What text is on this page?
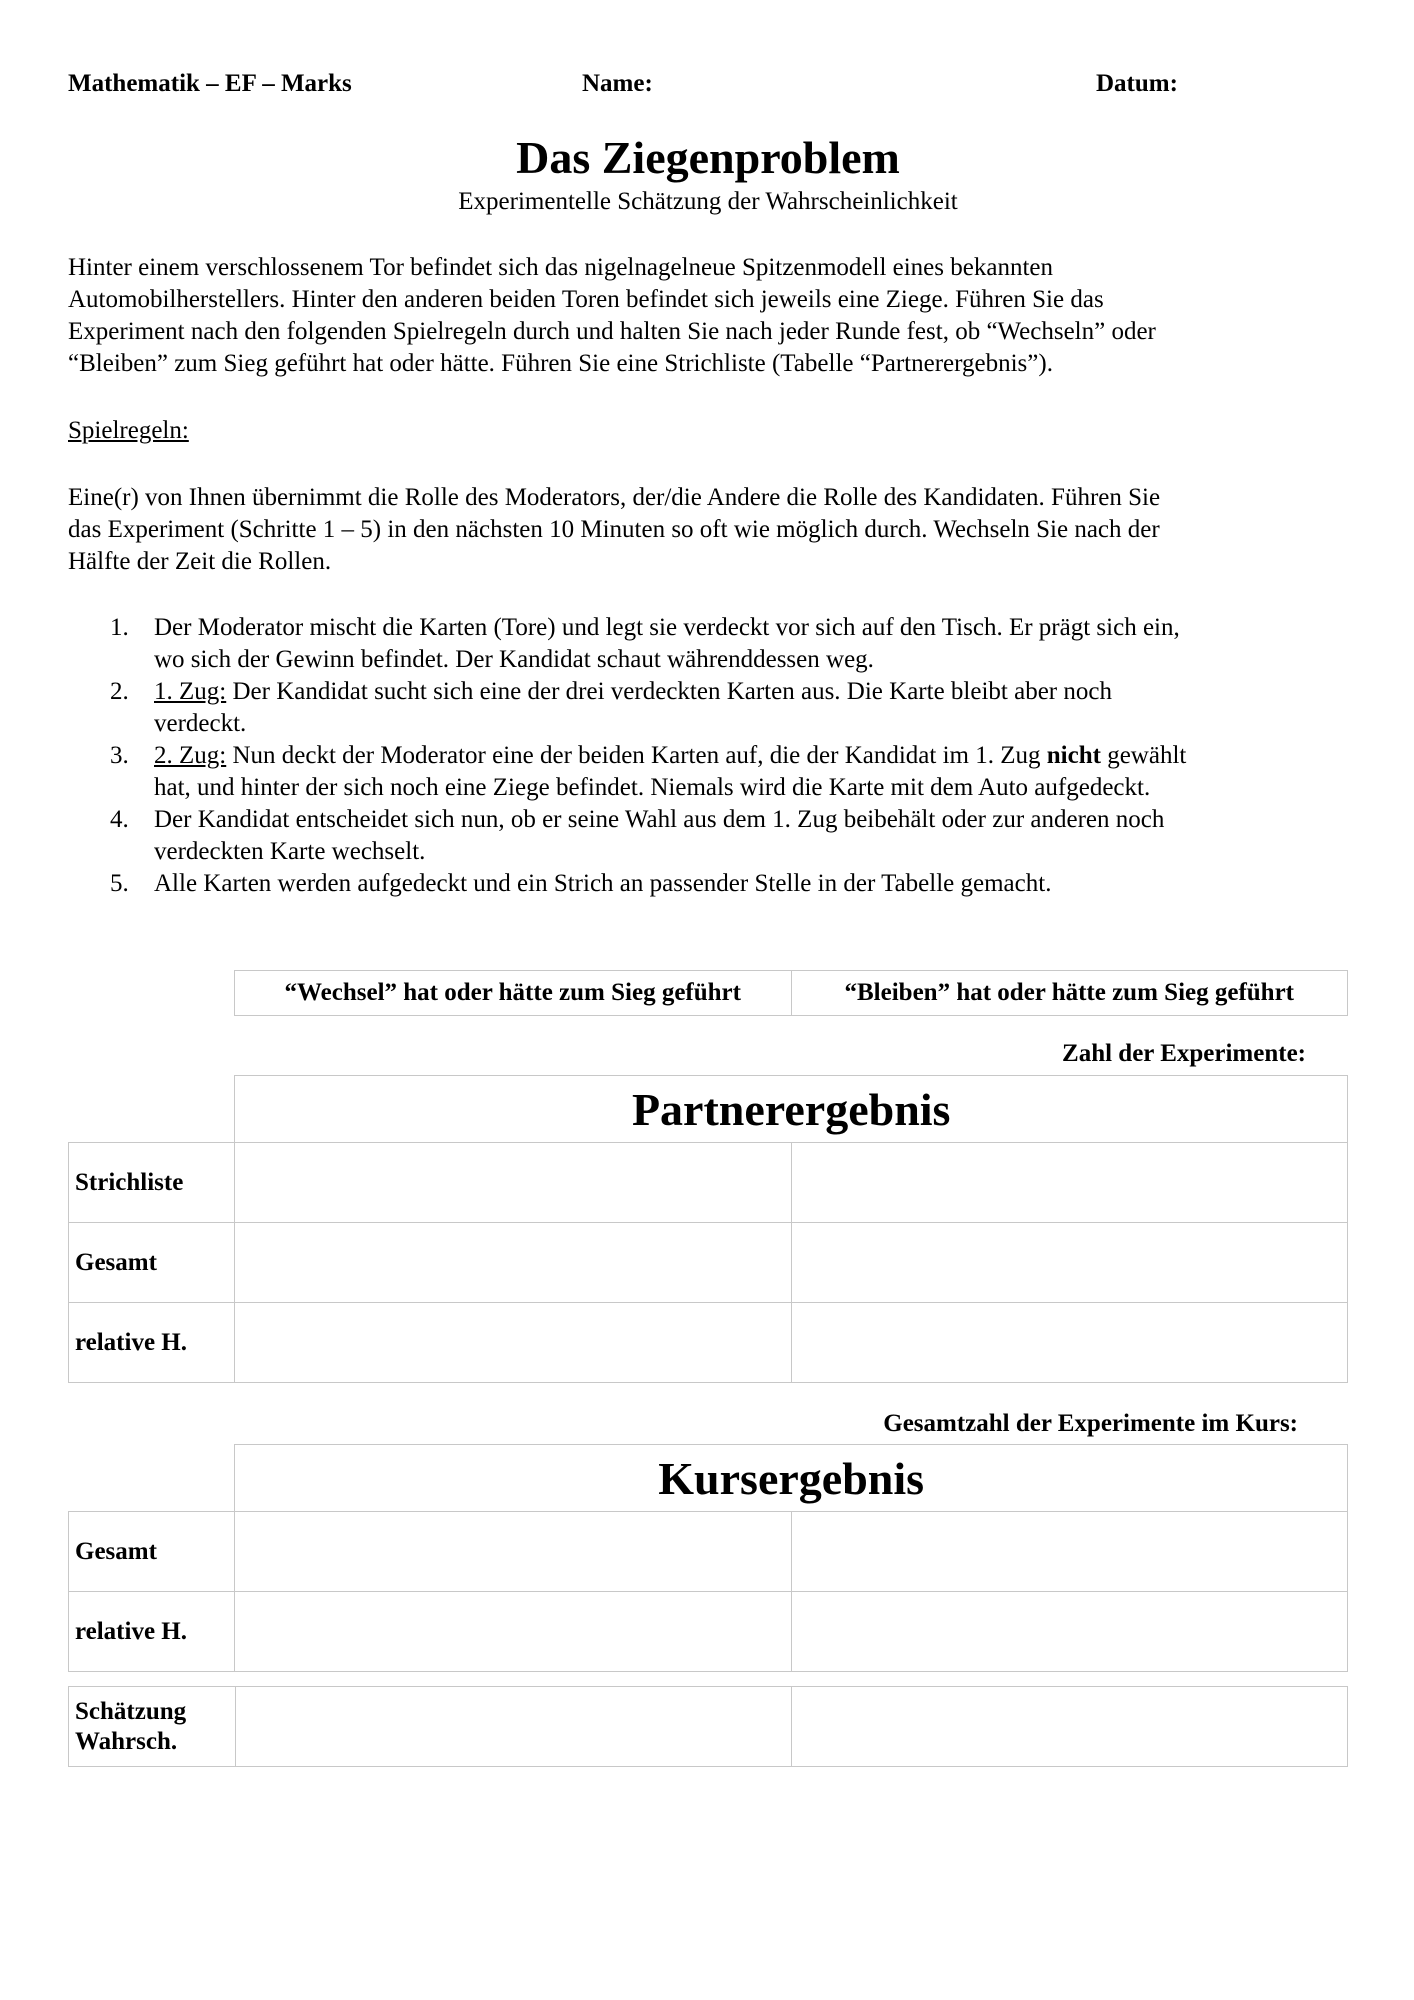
Mathematik – EF – Marks	Name:	Datum:
Das Ziegenproblem
Experimentelle Schätzung der Wahrscheinlichkeit
Hinter einem verschlossenem Tor befindet sich das nigelnagelneue Spitzenmodell eines bekannten
Automobilherstellers. Hinter den anderen beiden Toren befindet sich jeweils eine Ziege. Führen Sie das
Experiment nach den folgenden Spielregeln durch und halten Sie nach jeder Runde fest, ob “Wechseln” oder
“Bleiben” zum Sieg geführt hat oder hätte. Führen Sie eine Strichliste (Tabelle “Partnerergebnis”).
Spielregeln:
Eine(r) von Ihnen übernimmt die Rolle des Moderators, der/die Andere die Rolle des Kandidaten. Führen Sie
das Experiment (Schritte 1 – 5) in den nächsten 10 Minuten so oft wie möglich durch. Wechseln Sie nach der
Hälfte der Zeit die Rollen.
1. Der Moderator mischt die Karten (Tore) und legt sie verdeckt vor sich auf den Tisch. Er prägt sich ein,
wo sich der Gewinn befindet. Der Kandidat schaut währenddessen weg.
2. 1. Zug: Der Kandidat sucht sich eine der drei verdeckten Karten aus. Die Karte bleibt aber noch
verdeckt.
3. 2. Zug: Nun deckt der Moderator eine der beiden Karten auf, die der Kandidat im 1. Zug nicht gewählt
hat, und hinter der sich noch eine Ziege befindet. Niemals wird die Karte mit dem Auto aufgedeckt.
4. Der Kandidat entscheidet sich nun, ob er seine Wahl aus dem 1. Zug beibehält oder zur anderen noch
verdeckten Karte wechselt.
5. Alle Karten werden aufgedeckt und ein Strich an passender Stelle in der Tabelle gemacht.
“Wechsel” hat oder hätte zum Sieg geführt	“Bleiben” hat oder hätte zum Sieg geführt
Zahl der Experimente:
	Partnerergebnis	
Strichliste		
Gesamt		
relative H.		
Gesamtzahl der Experimente im Kurs:
	Kursergebnis	
Gesamt		
relative H.		
Schätzung
Wahrsch.
